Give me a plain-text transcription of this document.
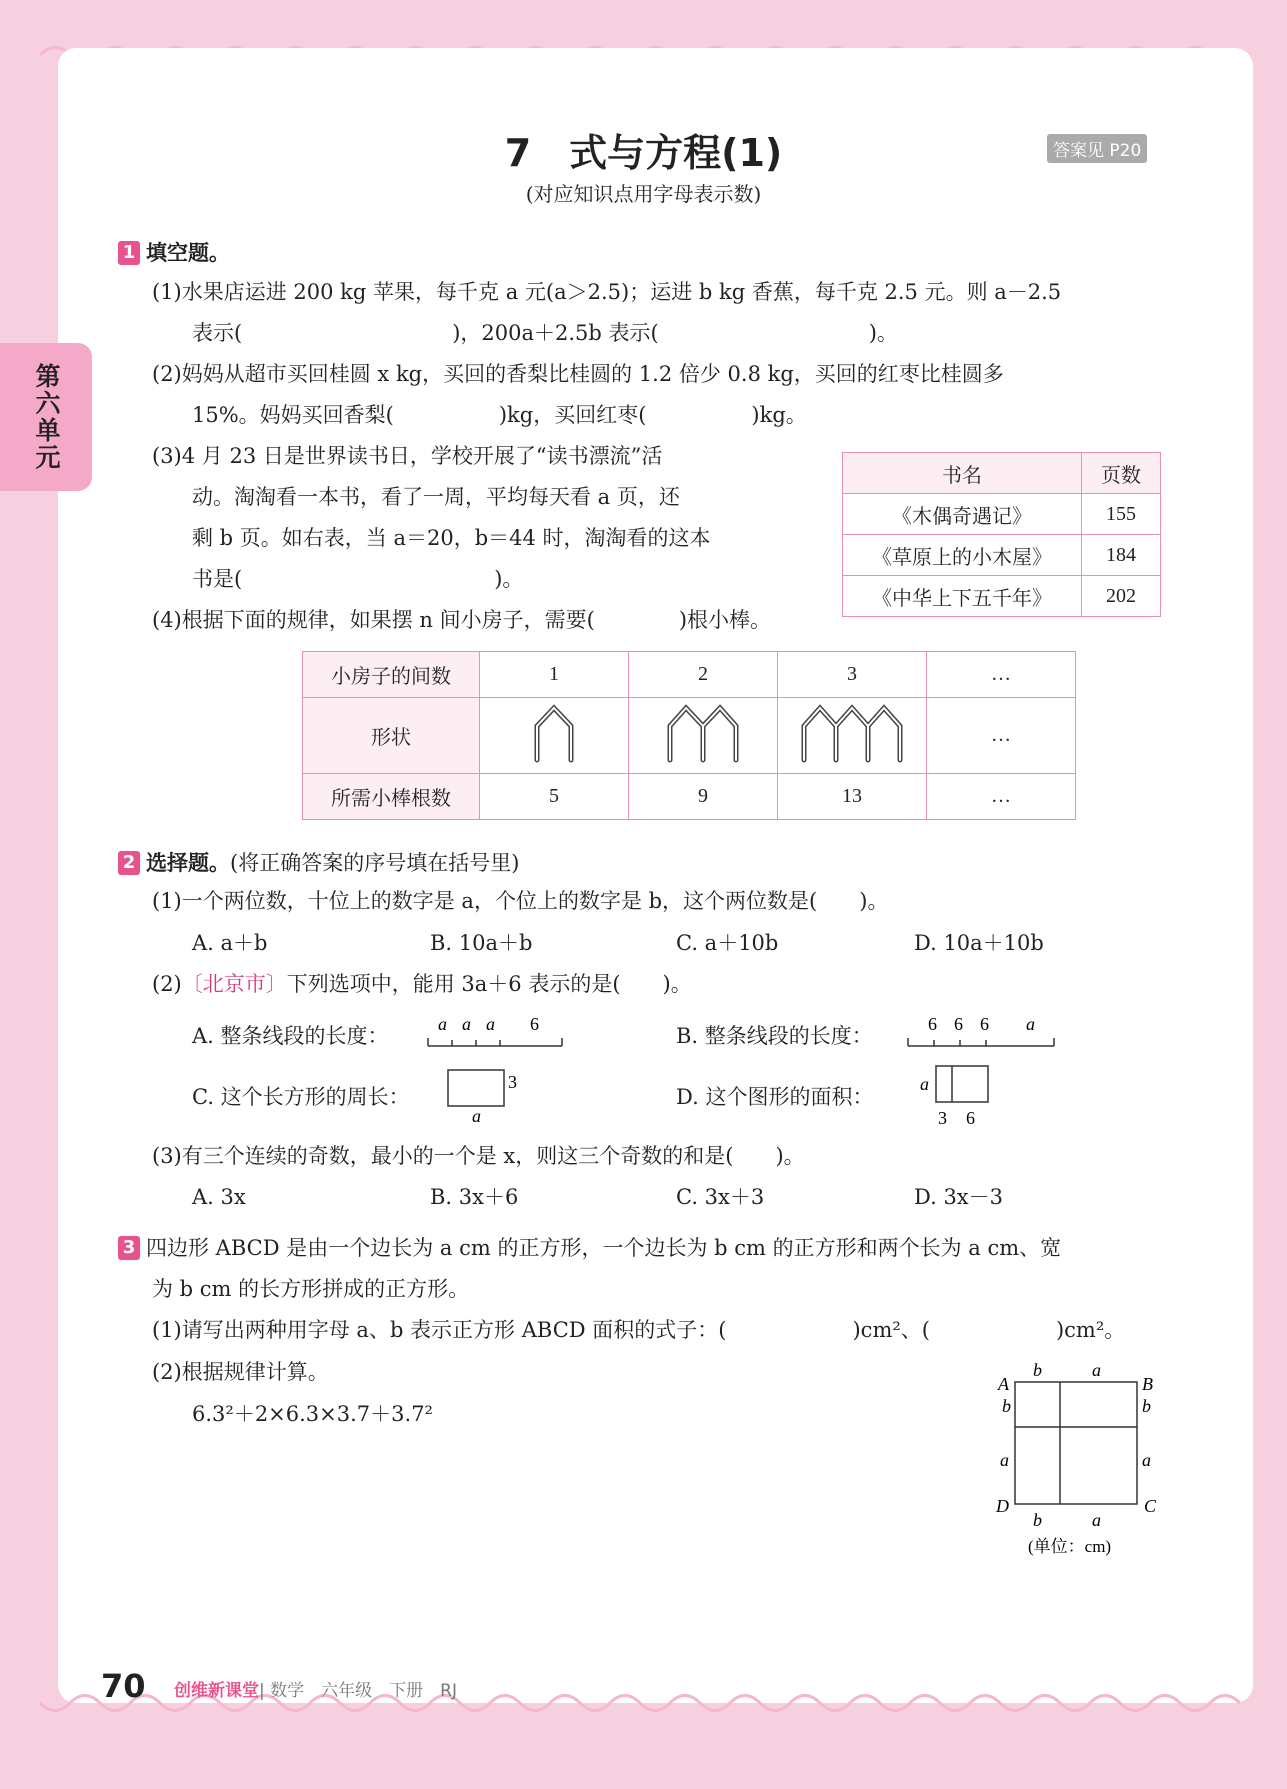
第六单元
7　式与方程(1)
(对应知识点用字母表示数)
答案见 P20
1 填空题。
(1)水果店运进 200 kg 苹果，每千克 a 元(a＞2.5)；运进 b kg 香蕉，每千克 2.5 元。则 a－2.5
表示(　　　　　　　　　　)，200a＋2.5b 表示(　　　　　　　　　　)。
(2)妈妈从超市买回桂圆 x kg，买回的香梨比桂圆的 1.2 倍少 0.8 kg，买回的红枣比桂圆多
15%。妈妈买回香梨(　　　　　)kg，买回红枣(　　　　　)kg。
(3)4 月 23 日是世界读书日，学校开展了“读书漂流”活
动。淘淘看一本书，看了一周，平均每天看 a 页，还
剩 b 页。如右表，当 a＝20，b＝44 时，淘淘看的这本
书是(　　　　　　　　　　　　)。
书名	页数
《木偶奇遇记》	155
《草原上的小木屋》	184
《中华上下五千年》	202
(4)根据下面的规律，如果摆 n 间小房子，需要(　　　　)根小棒。
小房子的间数	1	2	3	…
形状				…
所需小棒根数	5	9	13	…
2 选择题。(将正确答案的序号填在括号里)
(1)一个两位数，十位上的数字是 a，个位上的数字是 b，这个两位数是(　　)。
A. a＋b	B. 10a＋b	C. a＋10b	D. 10a＋10b
(2)〔北京市〕下列选项中，能用 3a＋6 表示的是(　　)。
A. 整条线段的长度：	a a a 6	B. 整条线段的长度：	6 6 6 a
C. 这个长方形的周长：
3
a
D. 这个图形的面积：
a
3 6
(3)有三个连续的奇数，最小的一个是 x，则这三个奇数的和是(　　)。
A. 3x	B. 3x＋6	C. 3x＋3	D. 3x－3
3 四边形 ABCD 是由一个边长为 a cm 的正方形，一个边长为 b cm 的正方形和两个长为 a cm、宽
为 b cm 的长方形拼成的正方形。
(1)请写出两种用字母 a、b 表示正方形 ABCD 面积的式子：(　　　　　　)cm²、(　　　　　　)cm²。
(2)根据规律计算。
6.3²＋2×6.3×3.7＋3.7²
A	B
C
D
b	a
b
a
b
a
b	a
(单位：cm)
70 创维新课堂| 数学　六年级　下册　RJ
